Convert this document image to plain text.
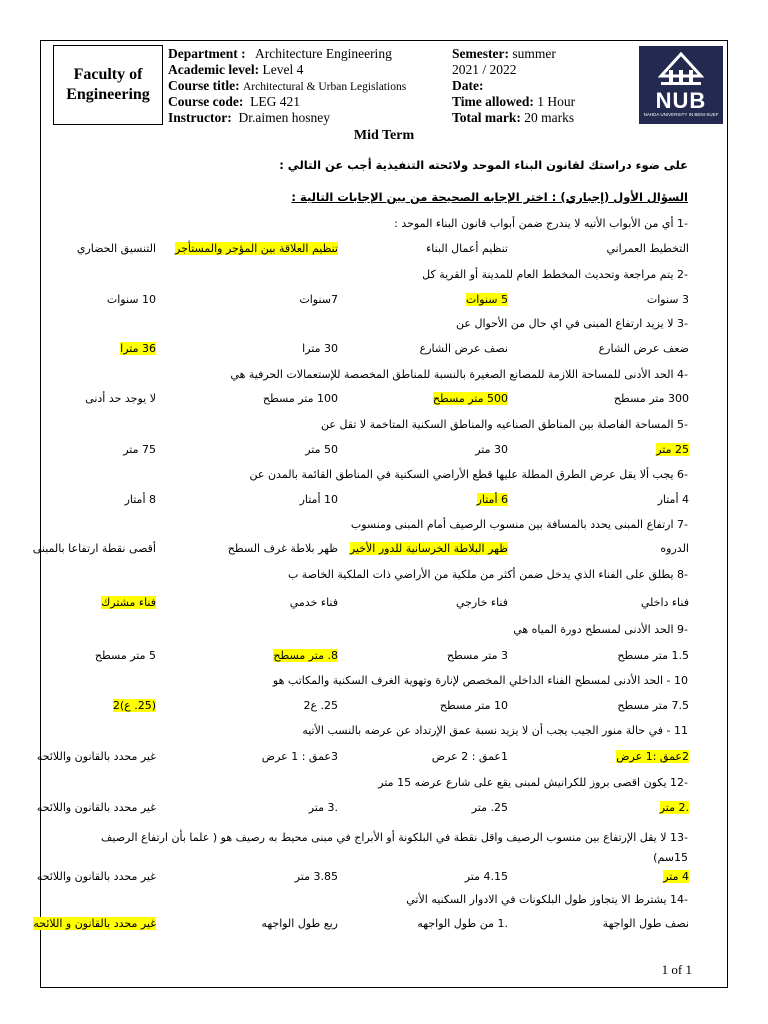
Faculty of
Engineering
Department : Architecture Engineering
Academic level: Level 4
Course title: Architectural & Urban Legislations
Course code: LEG 421
Instructor: Dr.aimen hosney
Semester: summer
2021 / 2022
Date:
Time allowed: 1 Hour
Total mark: 20 marks
NUB
NAHDA UNIVERSITY IN BENI-SUEF
Mid Term
على ضوء دراستك لقانون البناء الموحد ولائحته التنفيذية أجب عن التالي :
السؤال الأول (إجباري) : اختر الإجابه الصحيحة من بين الإجابات التالية :
-1 أي من الأبواب الأتيه لا يندرج ضمن أبواب قانون البناء الموحد :
التخطيط العمراني
تنظيم أعمال البناء
تنظيم العلاقة بين المؤجر والمستأجر
التنسيق الحضاري
-2 يتم مراجعة وتحديث المخطط العام للمدينة أو القرية كل
3 سنوات
5 سنوات
7سنوات
10 سنوات
-3 لا يزيد ارتفاع المبنى في اي حال من الأحوال عن
ضعف عرض الشارع
نصف عرض الشارع
30 مترا
36 مترا
-4 الحد الأدنى للمساحة اللازمة للمصانع الصغيرة بالنسبة للمناطق المخصصة للإستعمالات الحرفية هي
300 متر مسطح
500 متر مسطح
100 متر مسطح
لا يوجد حد أدنى
-5 المساحة الفاصلة بين المناطق الصناعيه والمناطق السكنية المتاخمة لا تقل عن
25 متر
30 متر
50 متر
75 متر
-6 يجب ألا يقل عرض الطرق المطلة عليها قطع الأراضي السكنية في المناطق القائمة بالمدن عن
4 أمتار
6 أمتار
10 أمتار
8 أمتار
-7 ارتفاع المبنى يحدد بالمسافة بين منسوب الرصيف أمام المبنى ومنسوب
الدروه
ظهر البلاطة الخرسانية للدور الأخير
ظهر بلاطة غرف السطح
أقصى نقطة ارتفاعا بالمبنى
-8 يطلق على الفناء الذي يدخل ضمن أكثر من ملكية من الأراضي ذات الملكية الخاصة ب
فناء داخلي
فناء خارجي
فناء خدمي
فناء مشترك
-9 الحد الأدنى لمسطح دورة المياه هي
1.5 متر مسطح
3 متر مسطح
8. متر مسطح
5 متر مسطح
10 - الحد الأدنى لمسطح الفناء الداخلي المخصص لإنارة وتهوية الغرف السكنية والمكاتب هو
7.5 متر مسطح
10 متر مسطح
25. ع2
(25. ع)2
11 - في حالة منور الجيب يجب أن لا يزيد نسبة عمق الإرتداد عن عرضه بالنسب الأتيه
2عمق :1 عرض
1عمق : 2 عرض
3عمق : 1 عرض
غير محدد بالقانون واللائحه
-12 يكون اقصى بروز للكرانيش لمبنى يقع على شارع عرضه 15 متر
.2 متر
25. متر
.3 متر
غير محدد بالقانون واللائحه
-13 لا يقل الإرتفاع بين منسوب الرصيف واقل نقطة في البلكونة أو الأبراج في مبنى محيط به رصيف هو ( علما بأن ارتفاع الرصيف 15سم)
4 متر
4.15 متر
3.85 متر
غير محدد بالقانون واللائحه
-14 يشترط الا يتجاوز طول البلكونات في الادوار السكنيه الأتي
نصف طول الواجهة
.1 من طول الواجهه
ربع طول الواجهه
غير محدد بالقانون و اللائحه
1 of 1
